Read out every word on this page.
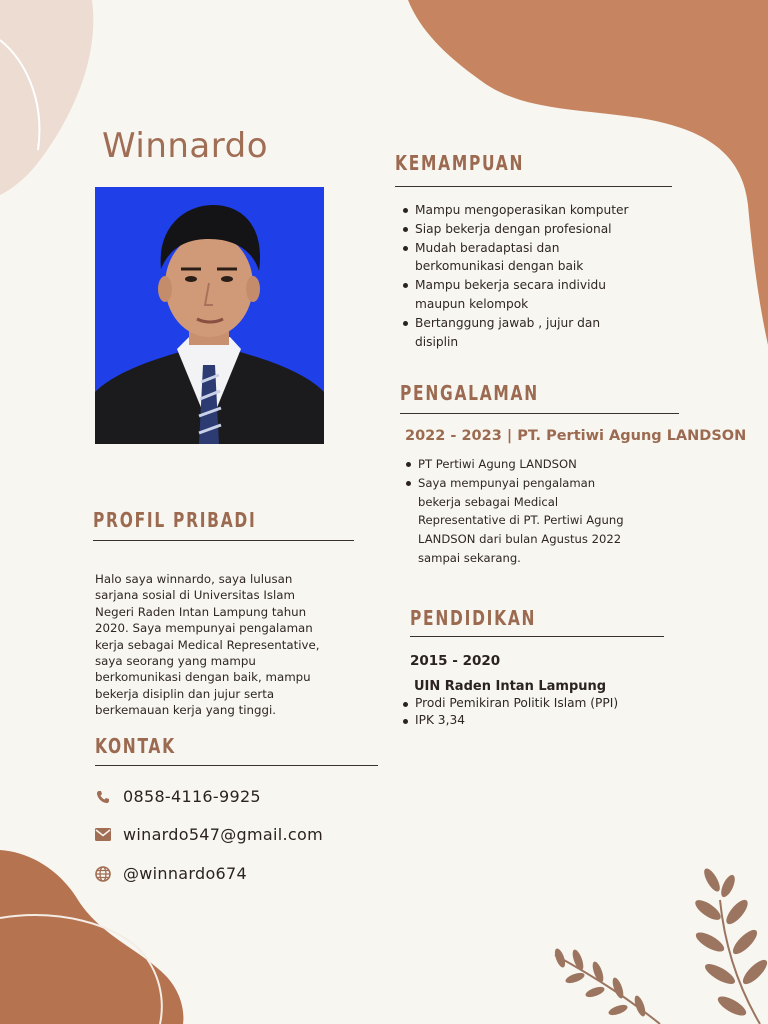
Winnardo
PROFIL PRIBADI
Halo saya winnardo, saya lulusan
sarjana sosial di Universitas Islam
Negeri Raden Intan Lampung tahun
2020. Saya mempunyai pengalaman
kerja sebagai Medical Representative,
saya seorang yang mampu
berkomunikasi dengan baik, mampu
bekerja disiplin dan jujur serta
berkemauan kerja yang tinggi.
KONTAK
0858-4116-9925
winardo547@gmail.com
@winnardo674
KEMAMPUAN
Mampu mengoperasikan komputer
Siap bekerja dengan profesional
Mudah beradaptasi dan
berkomunikasi dengan baik
Mampu bekerja secara individu
maupun kelompok
Bertanggung jawab , jujur dan
disiplin
PENGALAMAN
2022 - 2023 | PT. Pertiwi Agung LANDSON
PT Pertiwi Agung LANDSON
Saya mempunyai pengalaman
bekerja sebagai Medical
Representative di PT. Pertiwi Agung
LANDSON dari bulan Agustus 2022
sampai sekarang.
PENDIDIKAN
2015 - 2020
UIN Raden Intan Lampung
Prodi Pemikiran Politik Islam (PPI)
IPK 3,34
